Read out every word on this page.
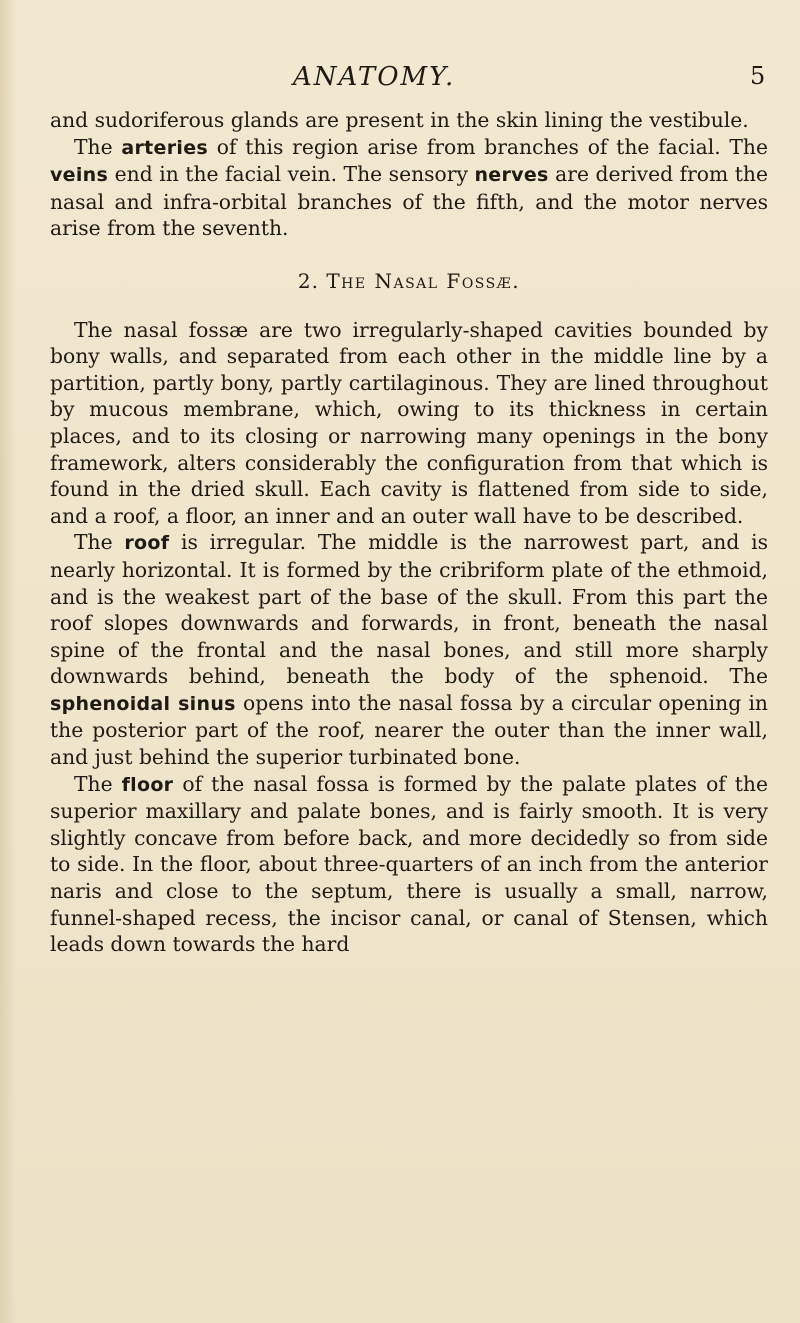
ANATOMY.	5

and sudoriferous glands are present in the skin lining the vestibule.

The arteries of this region arise from branches of the facial. The veins end in the facial vein. The sensory nerves are derived from the nasal and infra-orbital branches of the fifth, and the motor nerves arise from the seventh.

2. The Nasal Fossæ.

The nasal fossæ are two irregularly-shaped cavities bounded by bony walls, and separated from each other in the middle line by a partition, partly bony, partly cartilaginous. They are lined throughout by mucous membrane, which, owing to its thickness in certain places, and to its closing or narrowing many openings in the bony framework, alters considerably the configuration from that which is found in the dried skull. Each cavity is flattened from side to side, and a roof, a floor, an inner and an outer wall have to be described.

The roof is irregular. The middle is the narrowest part, and is nearly horizontal. It is formed by the cribriform plate of the ethmoid, and is the weakest part of the base of the skull. From this part the roof slopes downwards and forwards, in front, beneath the nasal spine of the frontal and the nasal bones, and still more sharply downwards behind, beneath the body of the sphenoid. The sphenoidal sinus opens into the nasal fossa by a circular opening in the posterior part of the roof, nearer the outer than the inner wall, and just behind the superior turbinated bone.

The floor of the nasal fossa is formed by the palate plates of the superior maxillary and palate bones, and is fairly smooth. It is very slightly concave from before back, and more decidedly so from side to side. In the floor, about three-quarters of an inch from the anterior naris and close to the septum, there is usually a small, narrow, funnel-shaped recess, the incisor canal, or canal of Stensen, which leads down towards the hard
